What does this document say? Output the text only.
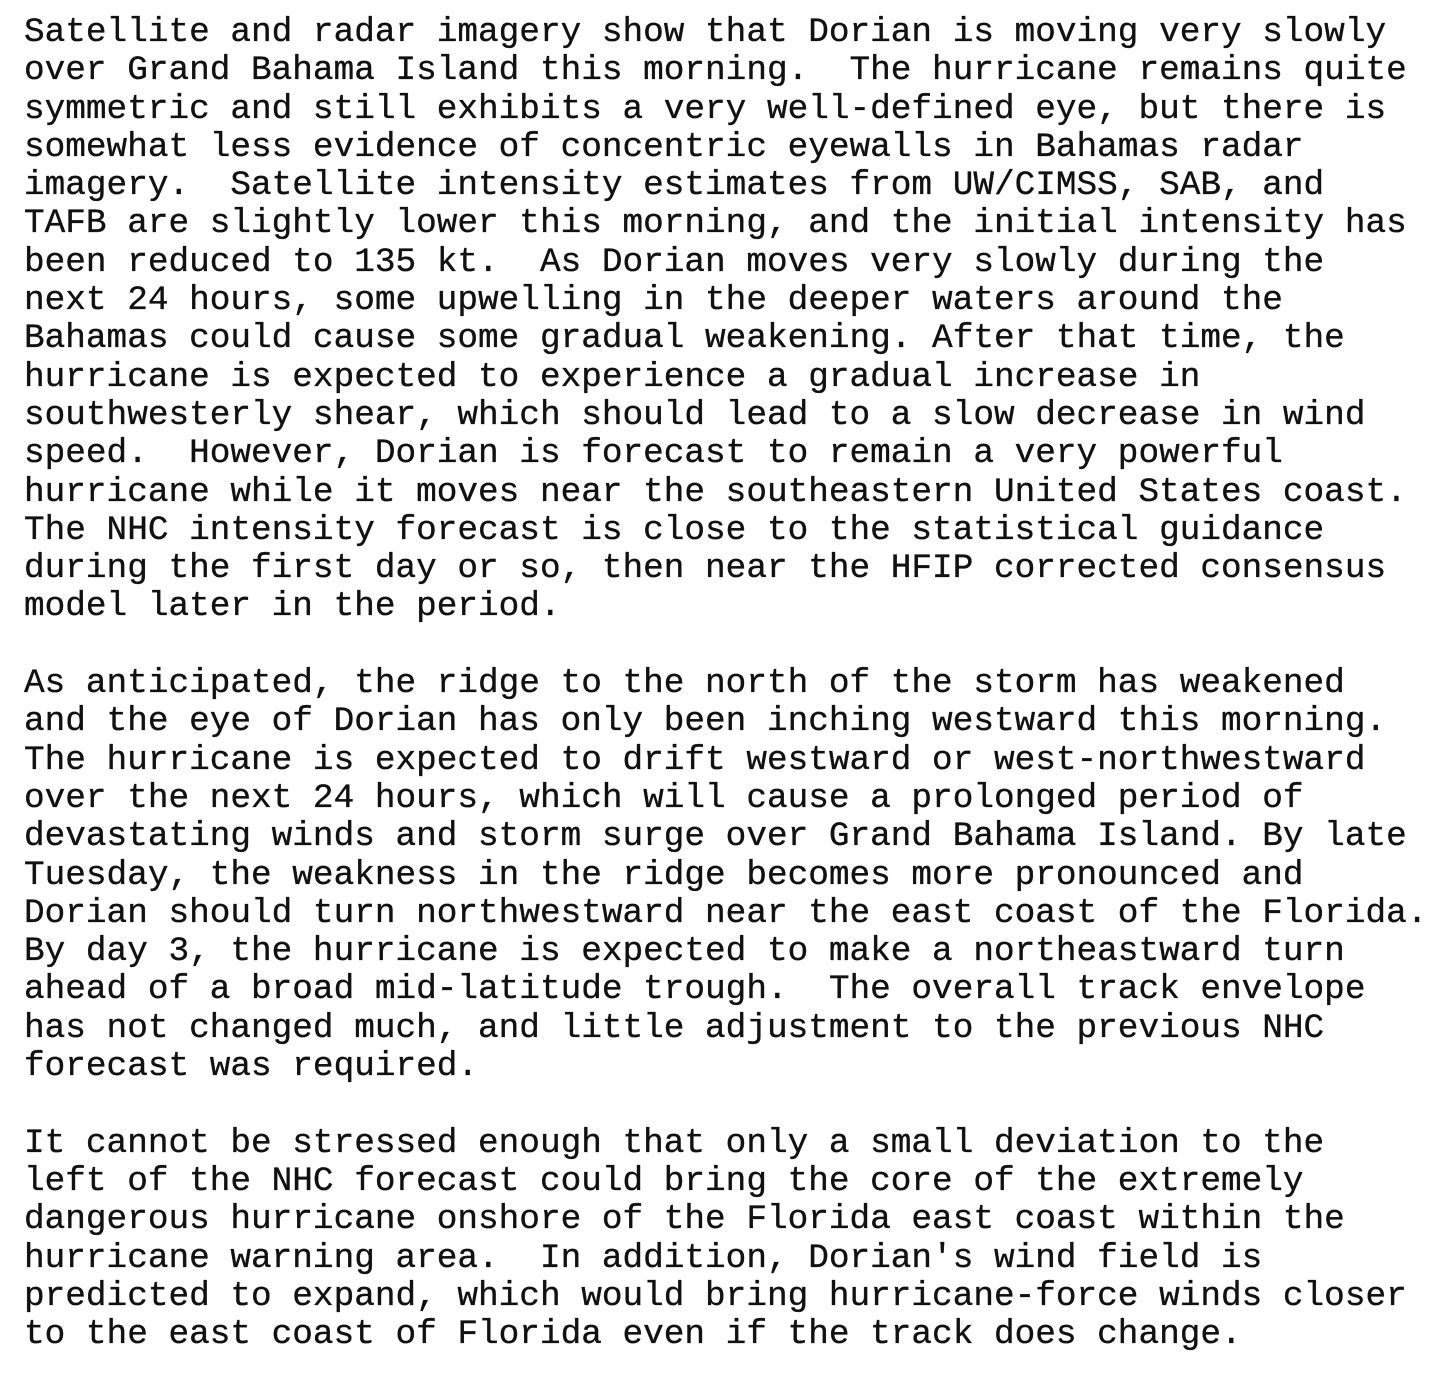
Satellite and radar imagery show that Dorian is moving very slowly
over Grand Bahama Island this morning.  The hurricane remains quite
symmetric and still exhibits a very well-defined eye, but there is
somewhat less evidence of concentric eyewalls in Bahamas radar
imagery.  Satellite intensity estimates from UW/CIMSS, SAB, and
TAFB are slightly lower this morning, and the initial intensity has
been reduced to 135 kt.  As Dorian moves very slowly during the
next 24 hours, some upwelling in the deeper waters around the
Bahamas could cause some gradual weakening. After that time, the
hurricane is expected to experience a gradual increase in
southwesterly shear, which should lead to a slow decrease in wind
speed.  However, Dorian is forecast to remain a very powerful
hurricane while it moves near the southeastern United States coast.
The NHC intensity forecast is close to the statistical guidance
during the first day or so, then near the HFIP corrected consensus
model later in the period.
As anticipated, the ridge to the north of the storm has weakened
and the eye of Dorian has only been inching westward this morning.
The hurricane is expected to drift westward or west-northwestward
over the next 24 hours, which will cause a prolonged period of
devastating winds and storm surge over Grand Bahama Island. By late
Tuesday, the weakness in the ridge becomes more pronounced and
Dorian should turn northwestward near the east coast of the Florida.
By day 3, the hurricane is expected to make a northeastward turn
ahead of a broad mid-latitude trough.  The overall track envelope
has not changed much, and little adjustment to the previous NHC
forecast was required.
It cannot be stressed enough that only a small deviation to the
left of the NHC forecast could bring the core of the extremely
dangerous hurricane onshore of the Florida east coast within the
hurricane warning area.  In addition, Dorian's wind field is
predicted to expand, which would bring hurricane-force winds closer
to the east coast of Florida even if the track does change.
